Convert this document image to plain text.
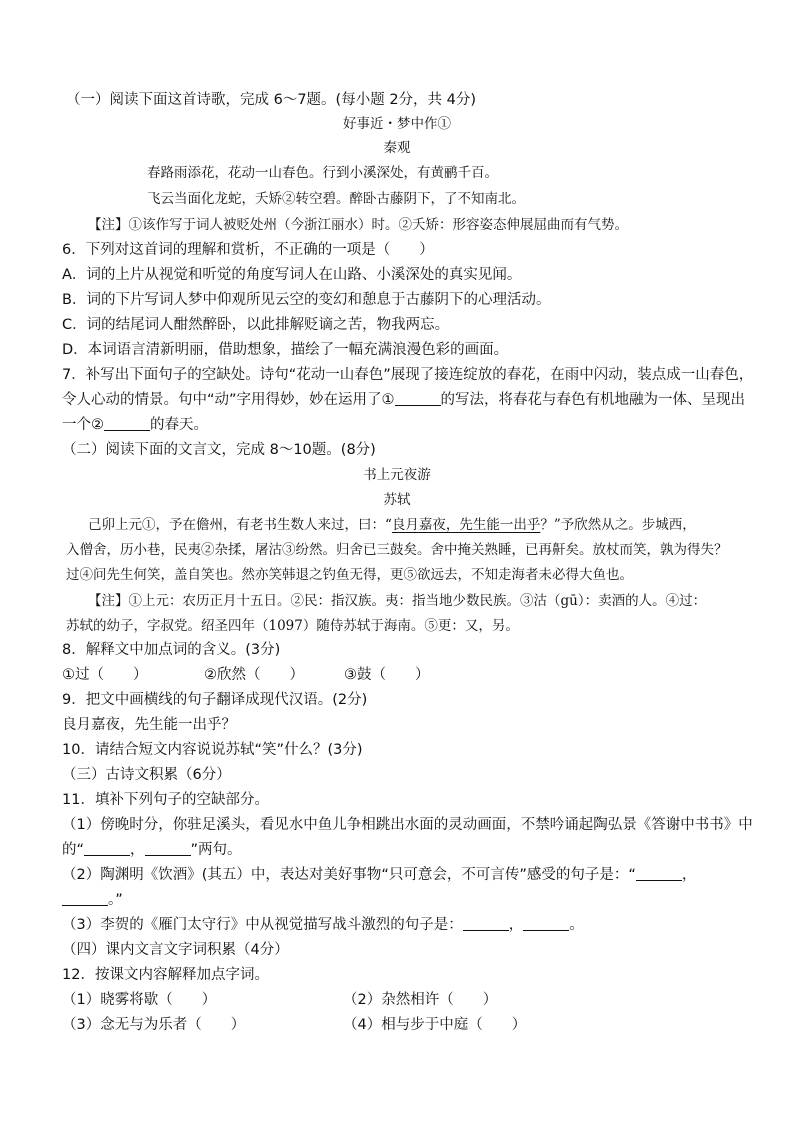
（一）阅读下面这首诗歌，完成 6～7题。(每小题 2分，共 4分)
好事近・梦中作①
秦观
春路雨添花，花动一山春色。行到小溪深处，有黄鹂千百。
飞云当面化龙蛇，夭矫②转空碧。醉卧古藤阴下，了不知南北。
【注】①该作写于词人被贬处州（今浙江丽水）时。②夭矫：形容姿态伸展屈曲而有气势。
6．下列对这首词的理解和赏析，不正确的一项是（　　）
A．词的上片从视觉和听觉的角度写词人在山路、小溪深处的真实见闻。
B．词的下片写词人梦中仰观所见云空的变幻和憩息于古藤阴下的心理活动。
C．词的结尾词人酣然醉卧，以此排解贬谪之苦，物我两忘。
D．本词语言清新明丽，借助想象，描绘了一幅充满浪漫色彩的画面。
7．补写出下面句子的空缺处。诗句“花动一山春色”展现了接连绽放的春花，在雨中闪动，装点成一山春色，
令人心动的情景。句中“动”字用得妙，妙在运用了①	的写法，将春花与春色有机地融为一体、呈现出
一个②	的春天。
（二）阅读下面的文言文，完成 8～10题。(8分)
书上元夜游
苏轼
己卯上元①，予在儋州，有老书生数人来过，曰：“良月嘉夜，先生能一出乎？”予欣然从之。步城西，
入僧舍，历小巷，民夷②杂揉，屠沽③纷然。归舍已三鼓矣。舍中掩关熟睡，已再鼾矣。放杖而笑，孰为得失？
过④问先生何笑，盖自笑也。然亦笑韩退之钓鱼无得，更⑤欲远去，不知走海者未必得大鱼也。
【注】①上元：农历正月十五日。②民：指汉族。夷：指当地少数民族。③沽（gū）：卖酒的人。④过：
苏轼的幼子，字叔党。绍圣四年（1097）随侍苏轼于海南。⑤更：又，另。
8．解释文中加点词的含义。(3分)
①过（　　）	②欣然（　　）	③鼓（　　）
9．把文中画横线的句子翻译成现代汉语。(2分)
良月嘉夜，先生能一出乎？
10．请结合短文内容说说苏轼“笑”什么？(3分)
（三）古诗文积累（6分）
11．填补下列句子的空缺部分。
（1）傍晚时分，你驻足溪头，看见水中鱼儿争相跳出水面的灵动画面，不禁吟诵起陶弘景《答谢中书书》中
的“	，	”两句。
（2）陶渊明《饮酒》(其五）中，表达对美好事物“只可意会，不可言传”感受的句子是：“	，
。”
（3）李贺的《雁门太守行》中从视觉描写战斗激烈的句子是：	，	。
（四）课内文言文字词积累（4分）
12．按课文内容解释加点字词。
（1）晓雾将歇（　　）	（2）杂然相许（　　）
（3）念无与为乐者（　　）	（4）相与步于中庭（　　）
